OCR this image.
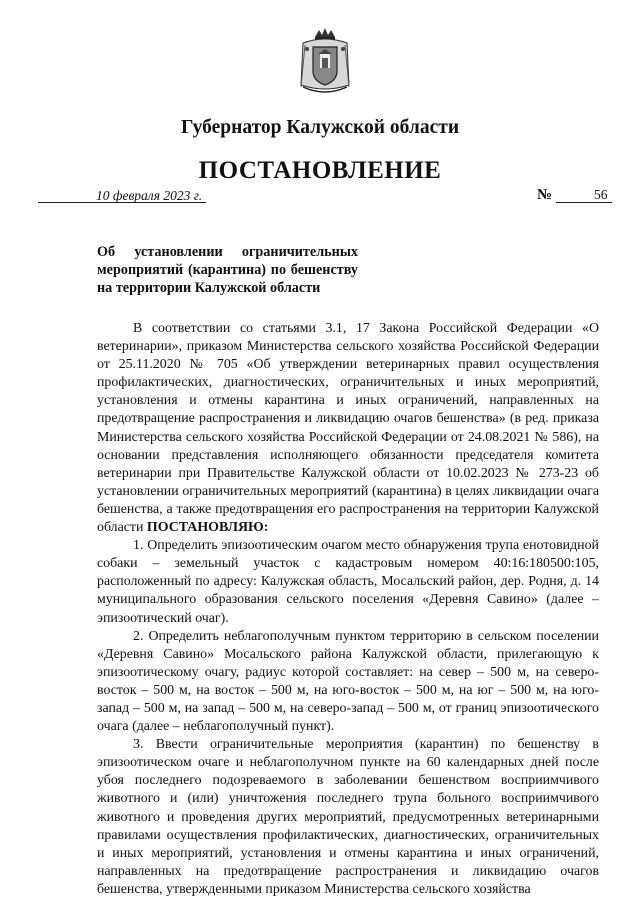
Губернатор Калужской области
ПОСТАНОВЛЕНИЕ
10 февраля 2023 г.	№	56
Об установлении ограничительных мероприятий (карантина) по бешенству на территории Калужской области

В соответствии со статьями 3.1, 17 Закона Российской Федерации «О ветеринарии», приказом Министерства сельского хозяйства Российской Федерации от 25.11.2020 № 705 «Об утверждении ветеринарных правил осуществления профилактических, диагностических, ограничительных и иных мероприятий, установления и отмены карантина и иных ограничений, направленных на предотвращение распространения и ликвидацию очагов бешенства» (в ред. приказа Министерства сельского хозяйства Российской Федерации от 24.08.2021 № 586), на основании представления исполняющего обязанности председателя комитета ветеринарии при Правительстве Калужской области от 10.02.2023 № 273-23 об установлении ограничительных мероприятий (карантина) в целях ликвидации очага бешенства, а также предотвращения его распространения на территории Калужской области ПОСТАНОВЛЯЮ:

1. Определить эпизоотическим очагом место обнаружения трупа енотовидной собаки – земельный участок с кадастровым номером 40:16:180500:105, расположенный по адресу: Калужская область, Мосальский район, дер. Родня, д. 14 муниципального образования сельского поселения «Деревня Савино» (далее – эпизоотический очаг).

2. Определить неблагополучным пунктом территорию в сельском поселении «Деревня Савино» Мосальского района Калужской области, прилегающую к эпизоотическому очагу, радиус которой составляет: на север – 500 м, на северо-восток – 500 м, на восток – 500 м, на юго-восток – 500 м, на юг – 500 м, на юго-запад – 500 м, на запад – 500 м, на северо-запад – 500 м, от границ эпизоотического очага (далее – неблагополучный пункт).

3. Ввести ограничительные мероприятия (карантин) по бешенству в эпизоотическом очаге и неблагополучном пункте на 60 календарных дней после убоя последнего подозреваемого в заболевании бешенством восприимчивого животного и (или) уничтожения последнего трупа больного восприимчивого животного и проведения других мероприятий, предусмотренных ветеринарными правилами осуществления профилактических, диагностических, ограничительных и иных мероприятий, установления и отмены карантина и иных ограничений, направленных на предотвращение распространения и ликвидацию очагов бешенства, утвержденными приказом Министерства сельского хозяйства
